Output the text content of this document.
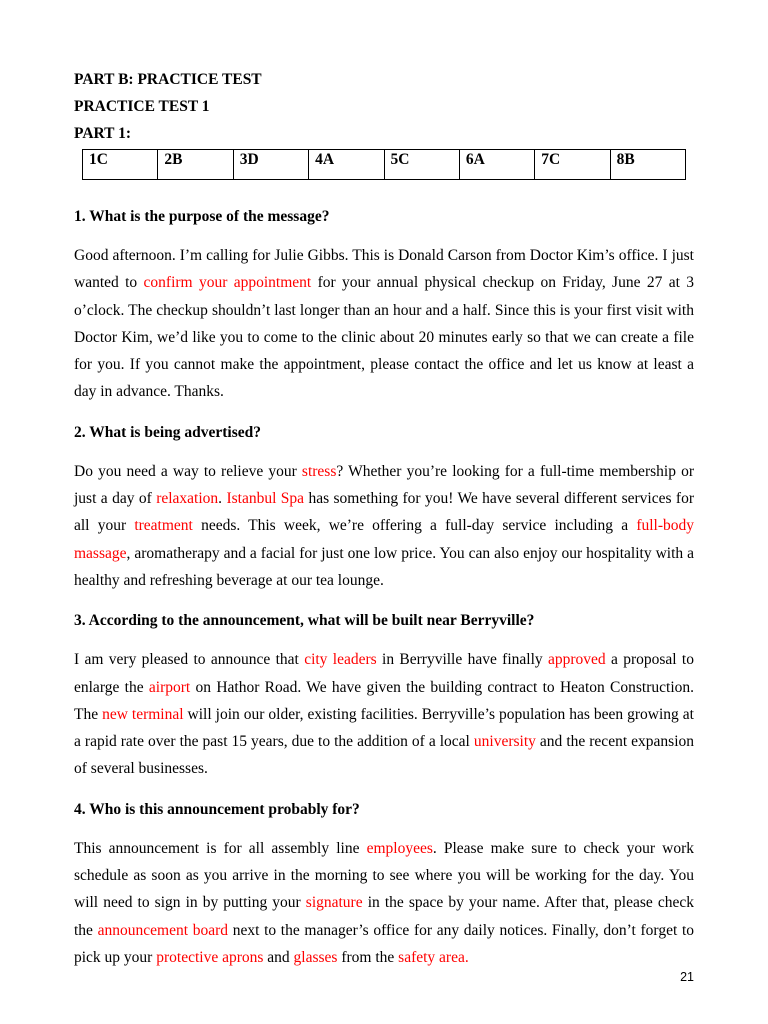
PART B: PRACTICE TEST

PRACTICE TEST 1

PART 1:

1C	2B	3D	4A	5C	6A	7C	8B

1. What is the purpose of the message?

Good afternoon. I’m calling for Julie Gibbs. This is Donald Carson from Doctor Kim’s office. I just wanted to confirm your appointment for your annual physical checkup on Friday, June 27 at 3 o’clock. The checkup shouldn’t last longer than an hour and a half. Since this is your first visit with Doctor Kim, we’d like you to come to the clinic about 20 minutes early so that we can create a file for you. If you cannot make the appointment, please contact the office and let us know at least a day in advance. Thanks.

2. What is being advertised?

Do you need a way to relieve your stress? Whether you’re looking for a full-time membership or just a day of relaxation. Istanbul Spa has something for you! We have several different services for all your treatment needs. This week, we’re offering a full-day service including a full-body massage, aromatherapy and a facial for just one low price. You can also enjoy our hospitality with a healthy and refreshing beverage at our tea lounge.

3. According to the announcement, what will be built near Berryville?

I am very pleased to announce that city leaders in Berryville have finally approved a proposal to enlarge the airport on Hathor Road. We have given the building contract to Heaton Construction. The new terminal will join our older, existing facilities. Berryville’s population has been growing at a rapid rate over the past 15 years, due to the addition of a local university and the recent expansion of several businesses.

4. Who is this announcement probably for?

This announcement is for all assembly line employees. Please make sure to check your work schedule as soon as you arrive in the morning to see where you will be working for the day. You will need to sign in by putting your signature in the space by your name. After that, please check the announcement board next to the manager’s office for any daily notices. Finally, don’t forget to pick up your protective aprons and glasses from the safety area.

21
